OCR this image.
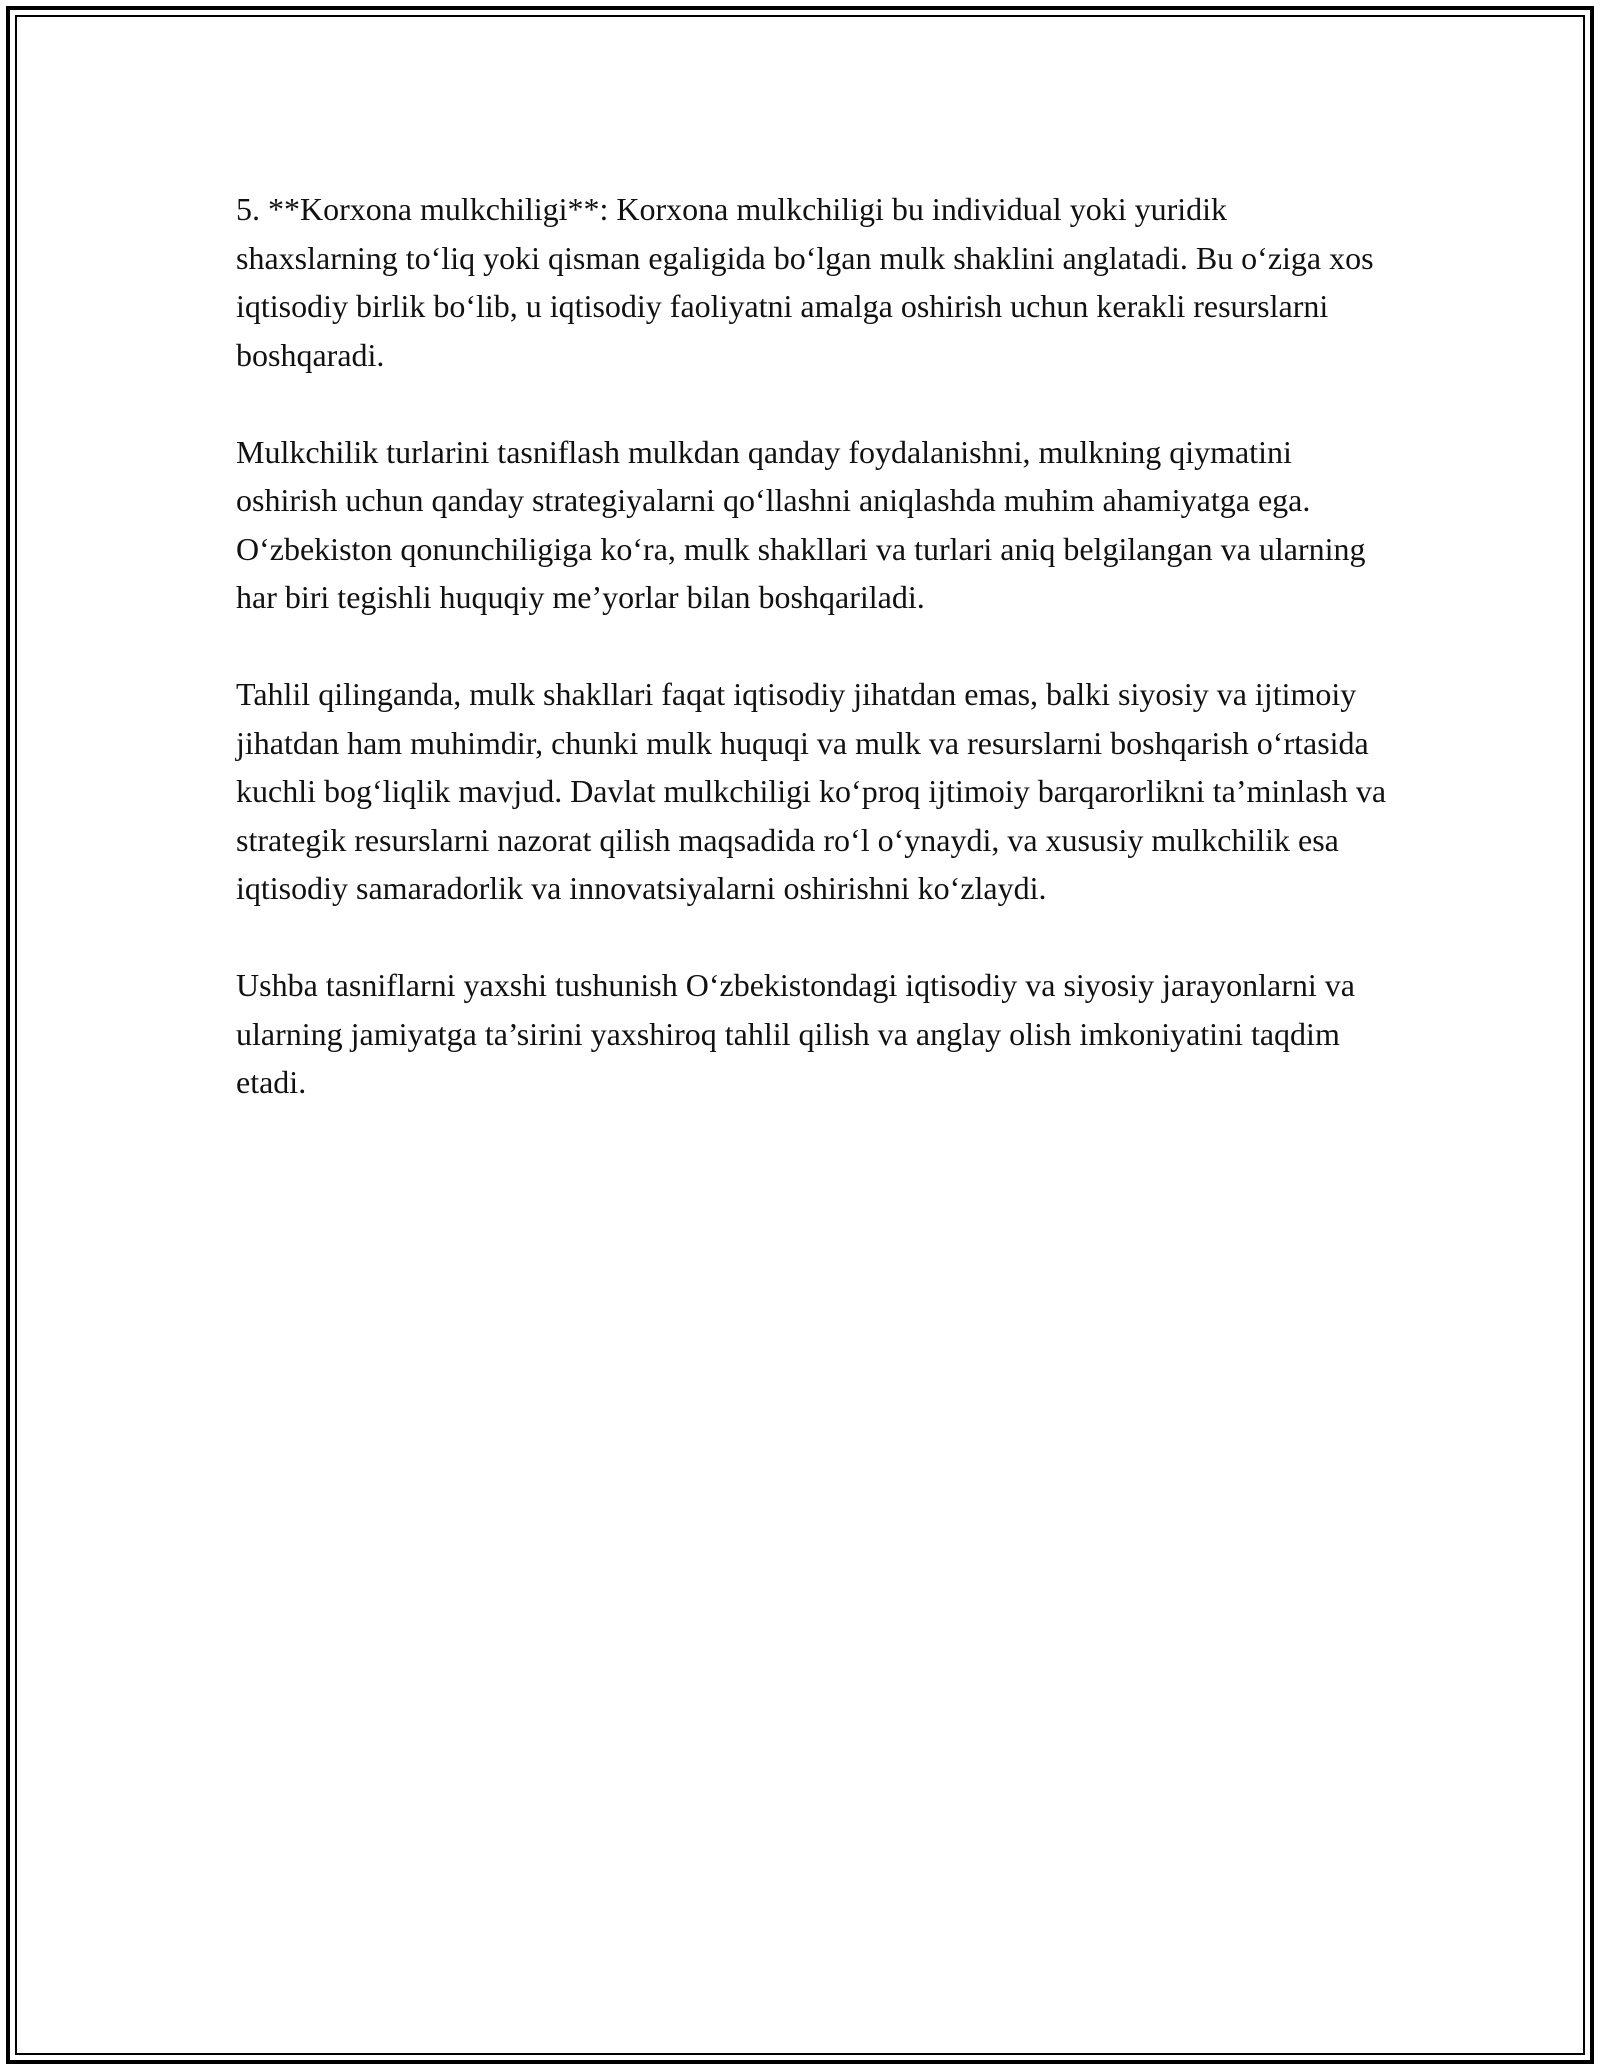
5. **Korxona mulkchiligi**: Korxona mulkchiligi bu individual yoki yuridik shaxslarning to‘liq yoki qisman egaligida bo‘lgan mulk shaklini anglatadi. Bu o‘ziga xos iqtisodiy birlik bo‘lib, u iqtisodiy faoliyatni amalga oshirish uchun kerakli resurslarni boshqaradi.

Mulkchilik turlarini tasniflash mulkdan qanday foydalanishni, mulkning qiymatini oshirish uchun qanday strategiyalarni qo‘llashni aniqlashda muhim ahamiyatga ega. O‘zbekiston qonunchiligiga ko‘ra, mulk shakllari va turlari aniq belgilangan va ularning har biri tegishli huquqiy me’yorlar bilan boshqariladi.

Tahlil qilinganda, mulk shakllari faqat iqtisodiy jihatdan emas, balki siyosiy va ijtimoiy jihatdan ham muhimdir, chunki mulk huquqi va mulk va resurslarni boshqarish o‘rtasida kuchli bog‘liqlik mavjud. Davlat mulkchiligi ko‘proq ijtimoiy barqarorlikni ta’minlash va strategik resurslarni nazorat qilish maqsadida ro‘l o‘ynaydi, va xususiy mulkchilik esa iqtisodiy samaradorlik va innovatsiyalarni oshirishni ko‘zlaydi.

Ushba tasniflarni yaxshi tushunish O‘zbekistondagi iqtisodiy va siyosiy jarayonlarni va ularning jamiyatga ta’sirini yaxshiroq tahlil qilish va anglay olish imkoniyatini taqdim etadi.
